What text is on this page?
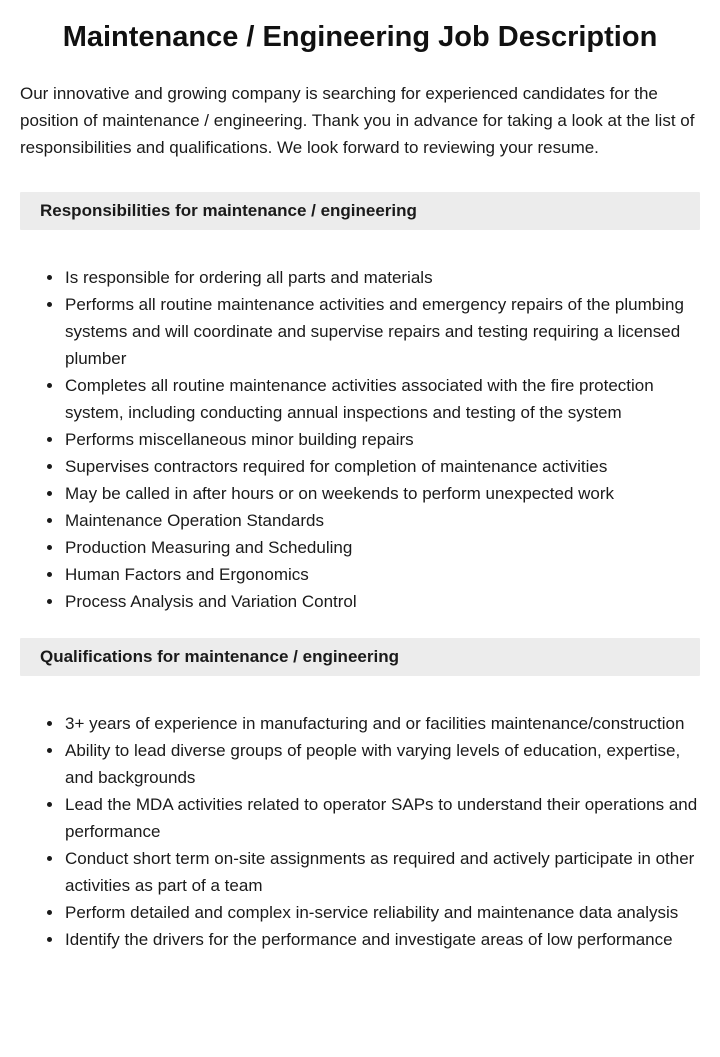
Maintenance / Engineering Job Description

Our innovative and growing company is searching for experienced candidates for the position of maintenance / engineering. Thank you in advance for taking a look at the list of responsibilities and qualifications. We look forward to reviewing your resume.

Responsibilities for maintenance / engineering
• Is responsible for ordering all parts and materials
• Performs all routine maintenance activities and emergency repairs of the plumbing systems and will coordinate and supervise repairs and testing requiring a licensed plumber
• Completes all routine maintenance activities associated with the fire protection system, including conducting annual inspections and testing of the system
• Performs miscellaneous minor building repairs
• Supervises contractors required for completion of maintenance activities
• May be called in after hours or on weekends to perform unexpected work
• Maintenance Operation Standards
• Production Measuring and Scheduling
• Human Factors and Ergonomics
• Process Analysis and Variation Control
Qualifications for maintenance / engineering
• 3+ years of experience in manufacturing and or facilities maintenance/construction
• Ability to lead diverse groups of people with varying levels of education, expertise, and backgrounds
• Lead the MDA activities related to operator SAPs to understand their operations and performance
• Conduct short term on-site assignments as required and actively participate in other activities as part of a team
• Perform detailed and complex in-service reliability and maintenance data analysis
• Identify the drivers for the performance and investigate areas of low performance
